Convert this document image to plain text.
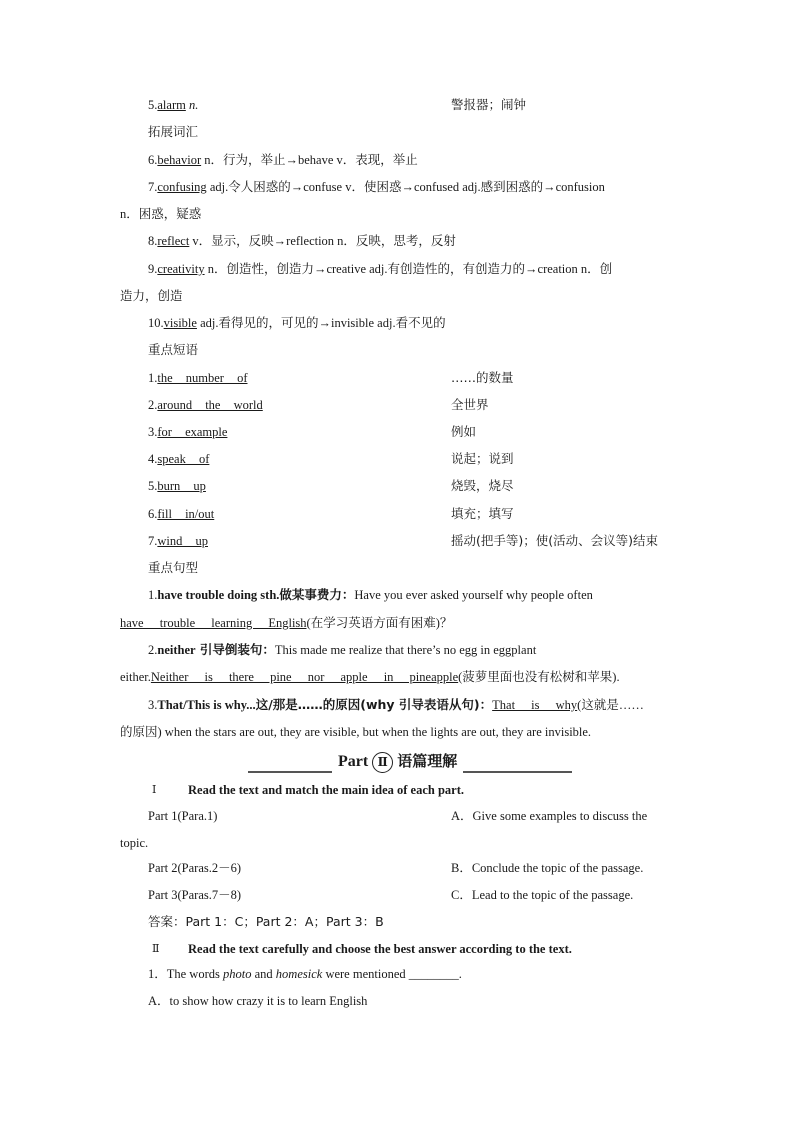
5.alarm n.	警报器；闹钟
拓展词汇
6.behavior n．行为，举止→behave v．表现，举止
7.confusing adj.令人困惑的→confuse v．使困惑→confused adj.感到困惑的→confusion
n．困惑，疑惑
8.reflect v．显示，反映→reflection n．反映，思考，反射
9.creativity n．创造性，创造力→creative adj.有创造性的，有创造力的→creation n．创
造力，创造
10.visible adj.看得见的，可见的→invisible adj.看不见的
重点短语
1.the number of	……的数量
2.around the world	全世界
3.for example	例如
4.speak of	说起；说到
5.burn up	烧毁，烧尽
6.fill in/out	填充；填写
7.wind up	摇动(把手等)；使(活动、会议等)结束
重点句型
1.have trouble doing sth.做某事费力：Have you ever asked yourself why people often
have trouble learning English(在学习英语方面有困难)？
2.neither 引导倒装句：This made me realize that there’s no egg in eggplant
either.Neither is there pine nor apple in pineapple(菠萝里面也没有松树和苹果).
3.That/This is why...这/那是……的原因(why 引导表语从句)：That is why(这就是……
的原因) when the stars are out, they are visible, but when the lights are out, they are invisible.
Part Ⅱ 语篇理解
Ⅰ	Read the text and match the main idea of each part.
Part 1(Para.1)	A．Give some examples to discuss the
topic.
Part 2(Paras.2－6)	B．Conclude the topic of the passage.
Part 3(Paras.7－8)	C．Lead to the topic of the passage.
答案：Part 1：C；Part 2：A；Part 3：B
Ⅱ Read the text carefully and choose the best answer according to the text.
1．The words photo and homesick were mentioned ________.
A．to show how crazy it is to learn English
